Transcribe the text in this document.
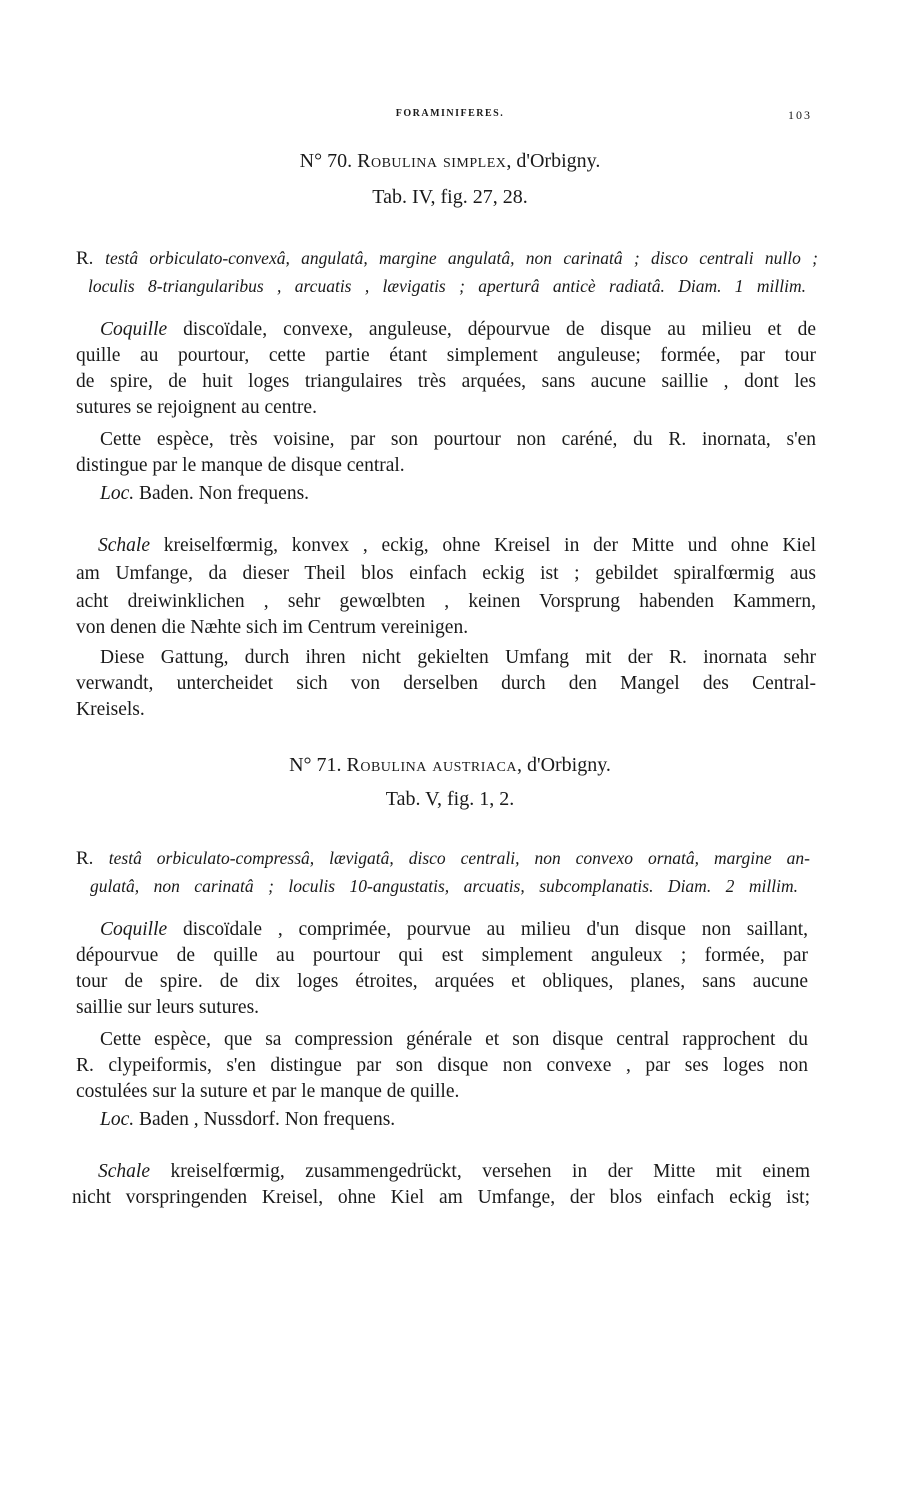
FORAMINIFERES.	103
N° 70. Robulina simplex, d'Orbigny.
Tab. IV, fig. 27, 28.
R. testâ orbiculato-convexâ, angulatâ, margine angulatâ, non carinatâ ; disco centrali nullo ;
loculis 8-triangularibus , arcuatis , lævigatis ; aperturâ anticè radiatâ. Diam. 1 millim.
Coquille discoïdale, convexe, anguleuse, dépourvue de disque au milieu et de
quille au pourtour, cette partie étant simplement anguleuse; formée, par tour
de spire, de huit loges triangulaires très arquées, sans aucune saillie , dont les
sutures se rejoignent au centre.
Cette espèce, très voisine, par son pourtour non caréné, du R. inornata, s'en
distingue par le manque de disque central.
Loc. Baden. Non frequens.
Schale kreiselfœrmig, konvex , eckig, ohne Kreisel in der Mitte und ohne Kiel
am Umfange, da dieser Theil blos einfach eckig ist ; gebildet spiralfœrmig aus
acht dreiwinklichen , sehr gewœlbten , keinen Vorsprung habenden Kammern,
von denen die Næhte sich im Centrum vereinigen.
Diese Gattung, durch ihren nicht gekielten Umfang mit der R. inornata sehr
verwandt, untercheidet sich von derselben durch den Mangel des Central-
Kreisels.
N° 71. Robulina austriaca, d'Orbigny.
Tab. V, fig. 1, 2.
R. testâ orbiculato-compressâ, lævigatâ, disco centrali, non convexo ornatâ, margine an-
gulatâ, non carinatâ ; loculis 10-angustatis, arcuatis, subcomplanatis. Diam. 2 millim.
Coquille discoïdale , comprimée, pourvue au milieu d'un disque non saillant,
dépourvue de quille au pourtour qui est simplement anguleux ; formée, par
tour de spire. de dix loges étroites, arquées et obliques, planes, sans aucune
saillie sur leurs sutures.
Cette espèce, que sa compression générale et son disque central rapprochent du
R. clypeiformis, s'en distingue par son disque non convexe , par ses loges non
costulées sur la suture et par le manque de quille.
Loc. Baden , Nussdorf. Non frequens.
Schale kreiselfœrmig, zusammengedrückt, versehen in der Mitte mit einem
nicht vorspringenden Kreisel, ohne Kiel am Umfange, der blos einfach eckig ist;
